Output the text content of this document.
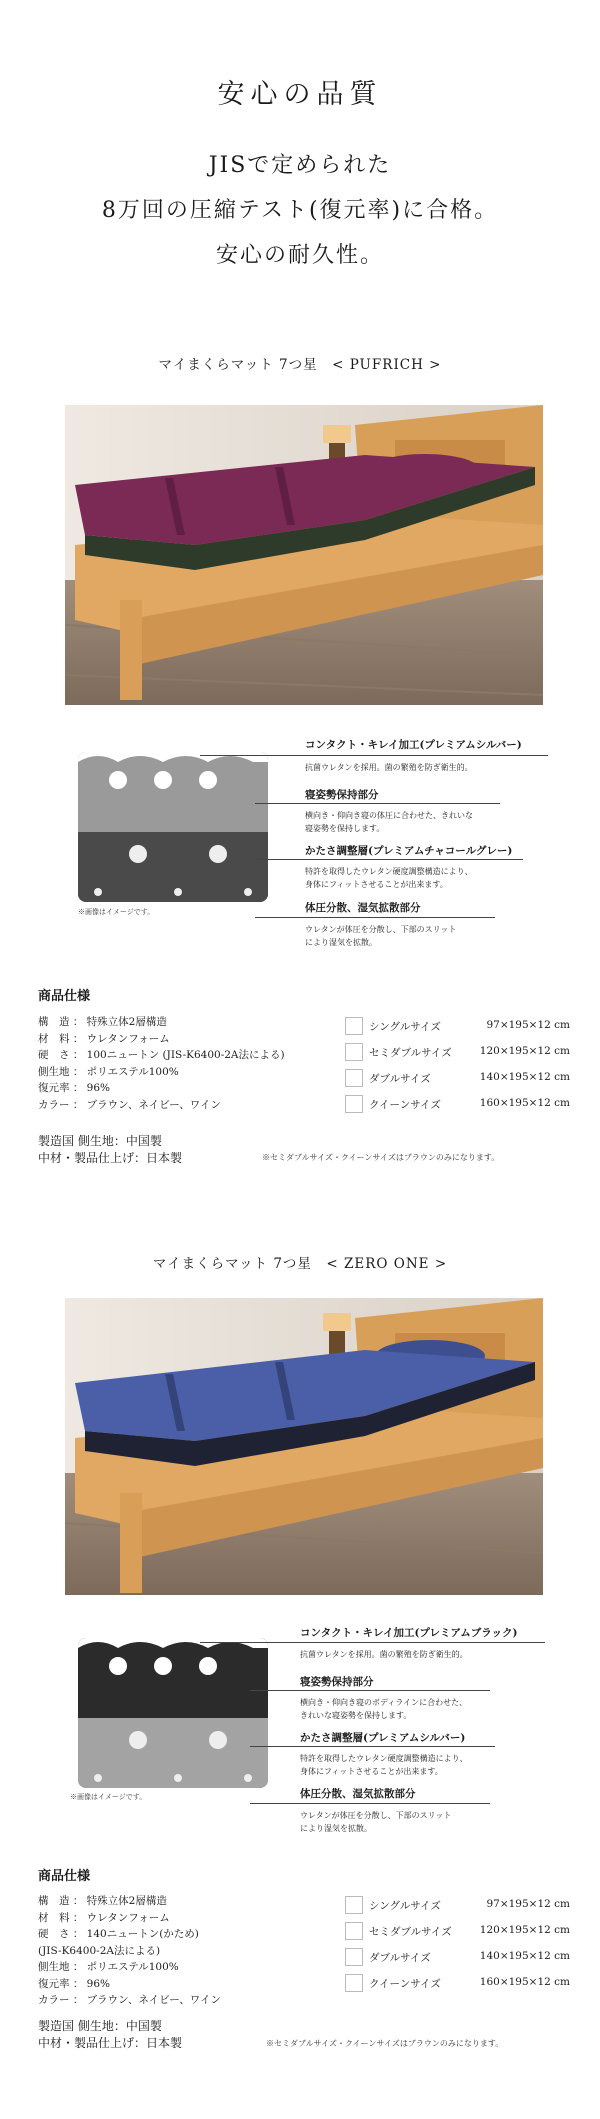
安心の品質
JISで定められた
8万回の圧縮テスト(復元率)に合格。
安心の耐久性。
マイまくらマット 7つ星　< PUFRICH >
※画像はイメージです。
コンタクト・キレイ加工(プレミアムシルバー)
抗菌ウレタンを採用。菌の繁殖を防ぎ衛生的。
寝姿勢保持部分
横向き・仰向き寝の体圧に合わせた、きれいな
寝姿勢を保持します。
かたさ調整層(プレミアムチャコールグレー)
特許を取得したウレタン硬度調整構造により、
身体にフィットさせることが出来ます。
体圧分散、湿気拡散部分
ウレタンが体圧を分散し、下部のスリット
により湿気を拡散。
商品仕様
構　造 ： 特殊立体2層構造
材　料 ： ウレタンフォーム
硬　さ ： 100ニュートン (JIS-K6400-2A法による)
側生地 ： ポリエステル100%
復元率 ： 96%
カラー ： ブラウン、ネイビー、ワイン
シングルサイズ	97×195×12 cm
セミダブルサイズ	120×195×12 cm
ダブルサイズ	140×195×12 cm
クイーンサイズ	160×195×12 cm
製造国 側生地：中国製
中材・製品仕上げ：日本製	※セミダブルサイズ・クイーンサイズはブラウンのみになります。
マイまくらマット 7つ星　< ZERO ONE >
※画像はイメージです。
コンタクト・キレイ加工(プレミアムブラック)
抗菌ウレタンを採用。菌の繁殖を防ぎ衛生的。
寝姿勢保持部分
横向き・仰向き寝のボディラインに合わせた、
きれいな寝姿勢を保持します。
かたさ調整層(プレミアムシルバー)
特許を取得したウレタン硬度調整構造により、
身体にフィットさせることが出来ます。
体圧分散、湿気拡散部分
ウレタンが体圧を分散し、下部のスリット
により湿気を拡散。
商品仕様
構　造 ： 特殊立体2層構造
材　料 ： ウレタンフォーム
硬　さ ： 140ニュートン(かため)
(JIS-K6400-2A法による)
側生地 ： ポリエステル100%
復元率 ： 96%
カラー ： ブラウン、ネイビー、ワイン
シングルサイズ	97×195×12 cm
セミダブルサイズ	120×195×12 cm
ダブルサイズ	140×195×12 cm
クイーンサイズ	160×195×12 cm
製造国 側生地：中国製
中材・製品仕上げ：日本製	※セミダブルサイズ・クイーンサイズはブラウンのみになります。
